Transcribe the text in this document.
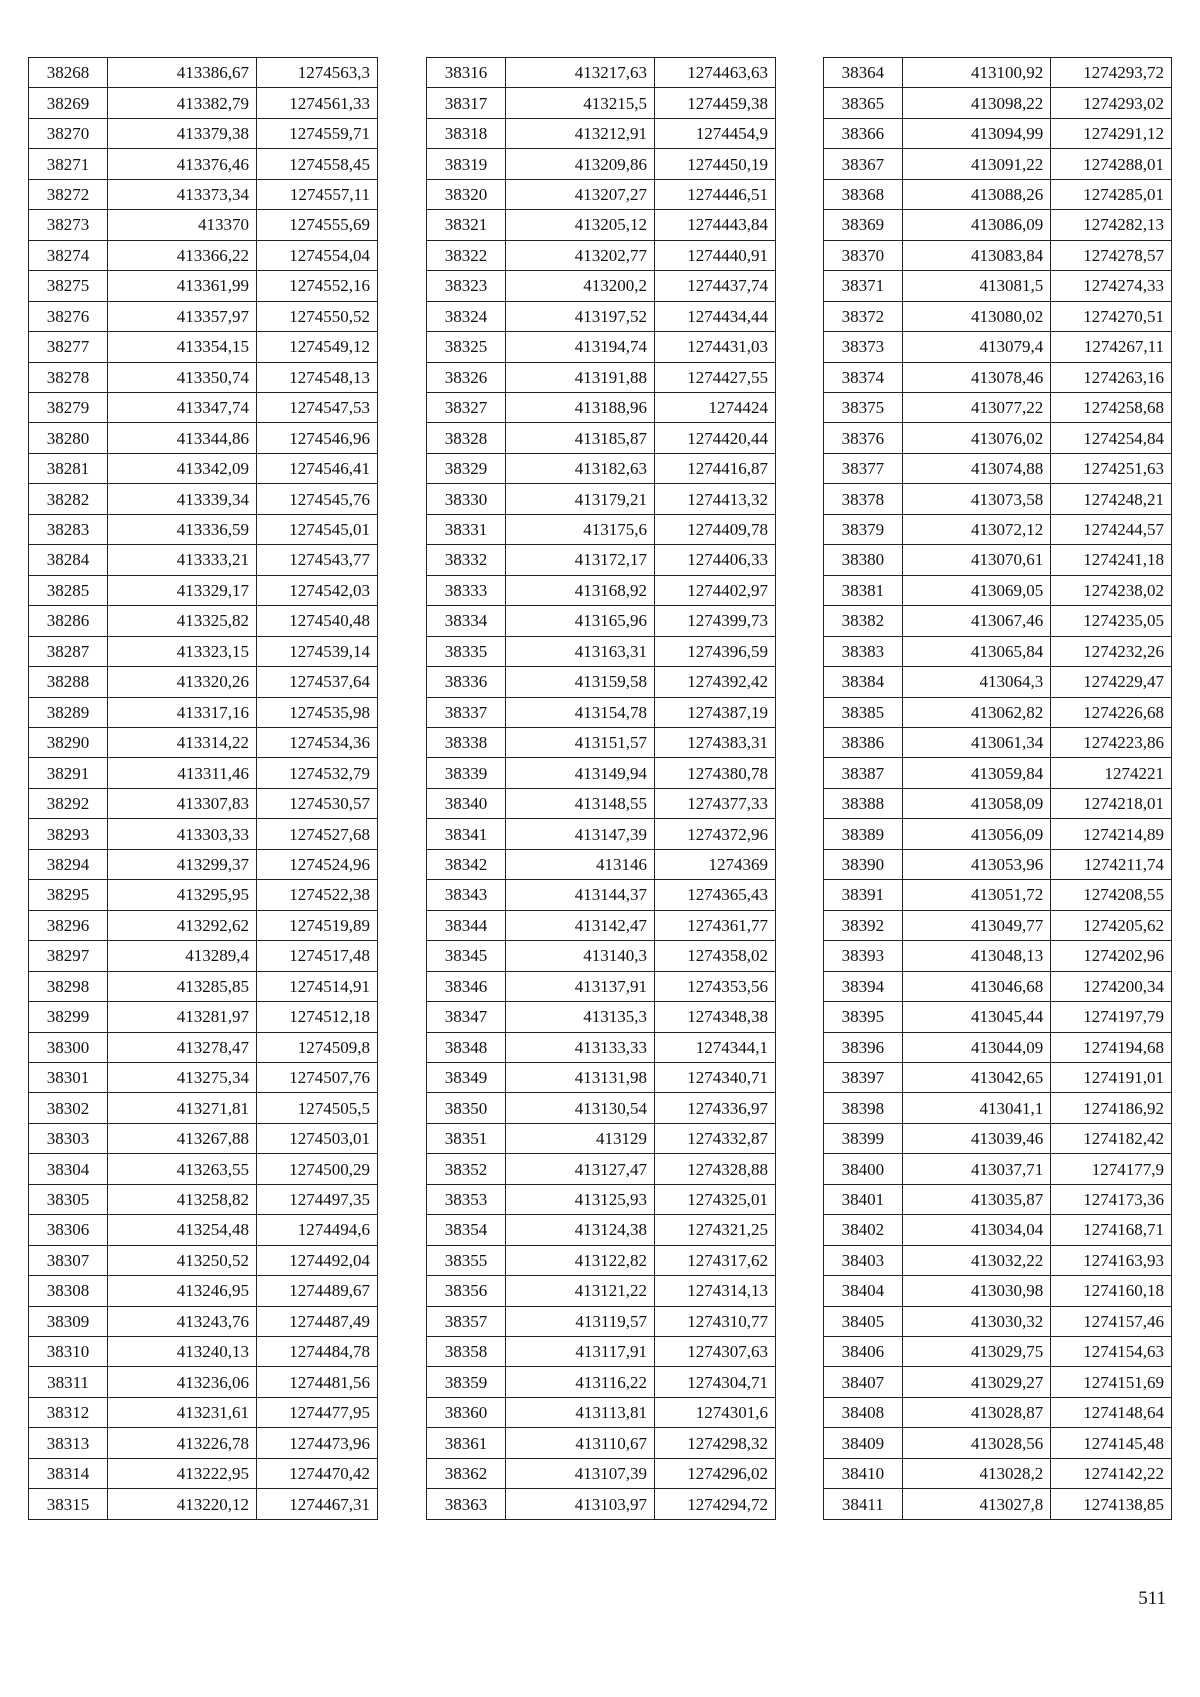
38268	413386,67	1274563,3
38269	413382,79	1274561,33
38270	413379,38	1274559,71
38271	413376,46	1274558,45
38272	413373,34	1274557,11
38273	413370	1274555,69
38274	413366,22	1274554,04
38275	413361,99	1274552,16
38276	413357,97	1274550,52
38277	413354,15	1274549,12
38278	413350,74	1274548,13
38279	413347,74	1274547,53
38280	413344,86	1274546,96
38281	413342,09	1274546,41
38282	413339,34	1274545,76
38283	413336,59	1274545,01
38284	413333,21	1274543,77
38285	413329,17	1274542,03
38286	413325,82	1274540,48
38287	413323,15	1274539,14
38288	413320,26	1274537,64
38289	413317,16	1274535,98
38290	413314,22	1274534,36
38291	413311,46	1274532,79
38292	413307,83	1274530,57
38293	413303,33	1274527,68
38294	413299,37	1274524,96
38295	413295,95	1274522,38
38296	413292,62	1274519,89
38297	413289,4	1274517,48
38298	413285,85	1274514,91
38299	413281,97	1274512,18
38300	413278,47	1274509,8
38301	413275,34	1274507,76
38302	413271,81	1274505,5
38303	413267,88	1274503,01
38304	413263,55	1274500,29
38305	413258,82	1274497,35
38306	413254,48	1274494,6
38307	413250,52	1274492,04
38308	413246,95	1274489,67
38309	413243,76	1274487,49
38310	413240,13	1274484,78
38311	413236,06	1274481,56
38312	413231,61	1274477,95
38313	413226,78	1274473,96
38314	413222,95	1274470,42
38315	413220,12	1274467,31
38316	413217,63	1274463,63
38317	413215,5	1274459,38
38318	413212,91	1274454,9
38319	413209,86	1274450,19
38320	413207,27	1274446,51
38321	413205,12	1274443,84
38322	413202,77	1274440,91
38323	413200,2	1274437,74
38324	413197,52	1274434,44
38325	413194,74	1274431,03
38326	413191,88	1274427,55
38327	413188,96	1274424
38328	413185,87	1274420,44
38329	413182,63	1274416,87
38330	413179,21	1274413,32
38331	413175,6	1274409,78
38332	413172,17	1274406,33
38333	413168,92	1274402,97
38334	413165,96	1274399,73
38335	413163,31	1274396,59
38336	413159,58	1274392,42
38337	413154,78	1274387,19
38338	413151,57	1274383,31
38339	413149,94	1274380,78
38340	413148,55	1274377,33
38341	413147,39	1274372,96
38342	413146	1274369
38343	413144,37	1274365,43
38344	413142,47	1274361,77
38345	413140,3	1274358,02
38346	413137,91	1274353,56
38347	413135,3	1274348,38
38348	413133,33	1274344,1
38349	413131,98	1274340,71
38350	413130,54	1274336,97
38351	413129	1274332,87
38352	413127,47	1274328,88
38353	413125,93	1274325,01
38354	413124,38	1274321,25
38355	413122,82	1274317,62
38356	413121,22	1274314,13
38357	413119,57	1274310,77
38358	413117,91	1274307,63
38359	413116,22	1274304,71
38360	413113,81	1274301,6
38361	413110,67	1274298,32
38362	413107,39	1274296,02
38363	413103,97	1274294,72
38364	413100,92	1274293,72
38365	413098,22	1274293,02
38366	413094,99	1274291,12
38367	413091,22	1274288,01
38368	413088,26	1274285,01
38369	413086,09	1274282,13
38370	413083,84	1274278,57
38371	413081,5	1274274,33
38372	413080,02	1274270,51
38373	413079,4	1274267,11
38374	413078,46	1274263,16
38375	413077,22	1274258,68
38376	413076,02	1274254,84
38377	413074,88	1274251,63
38378	413073,58	1274248,21
38379	413072,12	1274244,57
38380	413070,61	1274241,18
38381	413069,05	1274238,02
38382	413067,46	1274235,05
38383	413065,84	1274232,26
38384	413064,3	1274229,47
38385	413062,82	1274226,68
38386	413061,34	1274223,86
38387	413059,84	1274221
38388	413058,09	1274218,01
38389	413056,09	1274214,89
38390	413053,96	1274211,74
38391	413051,72	1274208,55
38392	413049,77	1274205,62
38393	413048,13	1274202,96
38394	413046,68	1274200,34
38395	413045,44	1274197,79
38396	413044,09	1274194,68
38397	413042,65	1274191,01
38398	413041,1	1274186,92
38399	413039,46	1274182,42
38400	413037,71	1274177,9
38401	413035,87	1274173,36
38402	413034,04	1274168,71
38403	413032,22	1274163,93
38404	413030,98	1274160,18
38405	413030,32	1274157,46
38406	413029,75	1274154,63
38407	413029,27	1274151,69
38408	413028,87	1274148,64
38409	413028,56	1274145,48
38410	413028,2	1274142,22
38411	413027,8	1274138,85
511
